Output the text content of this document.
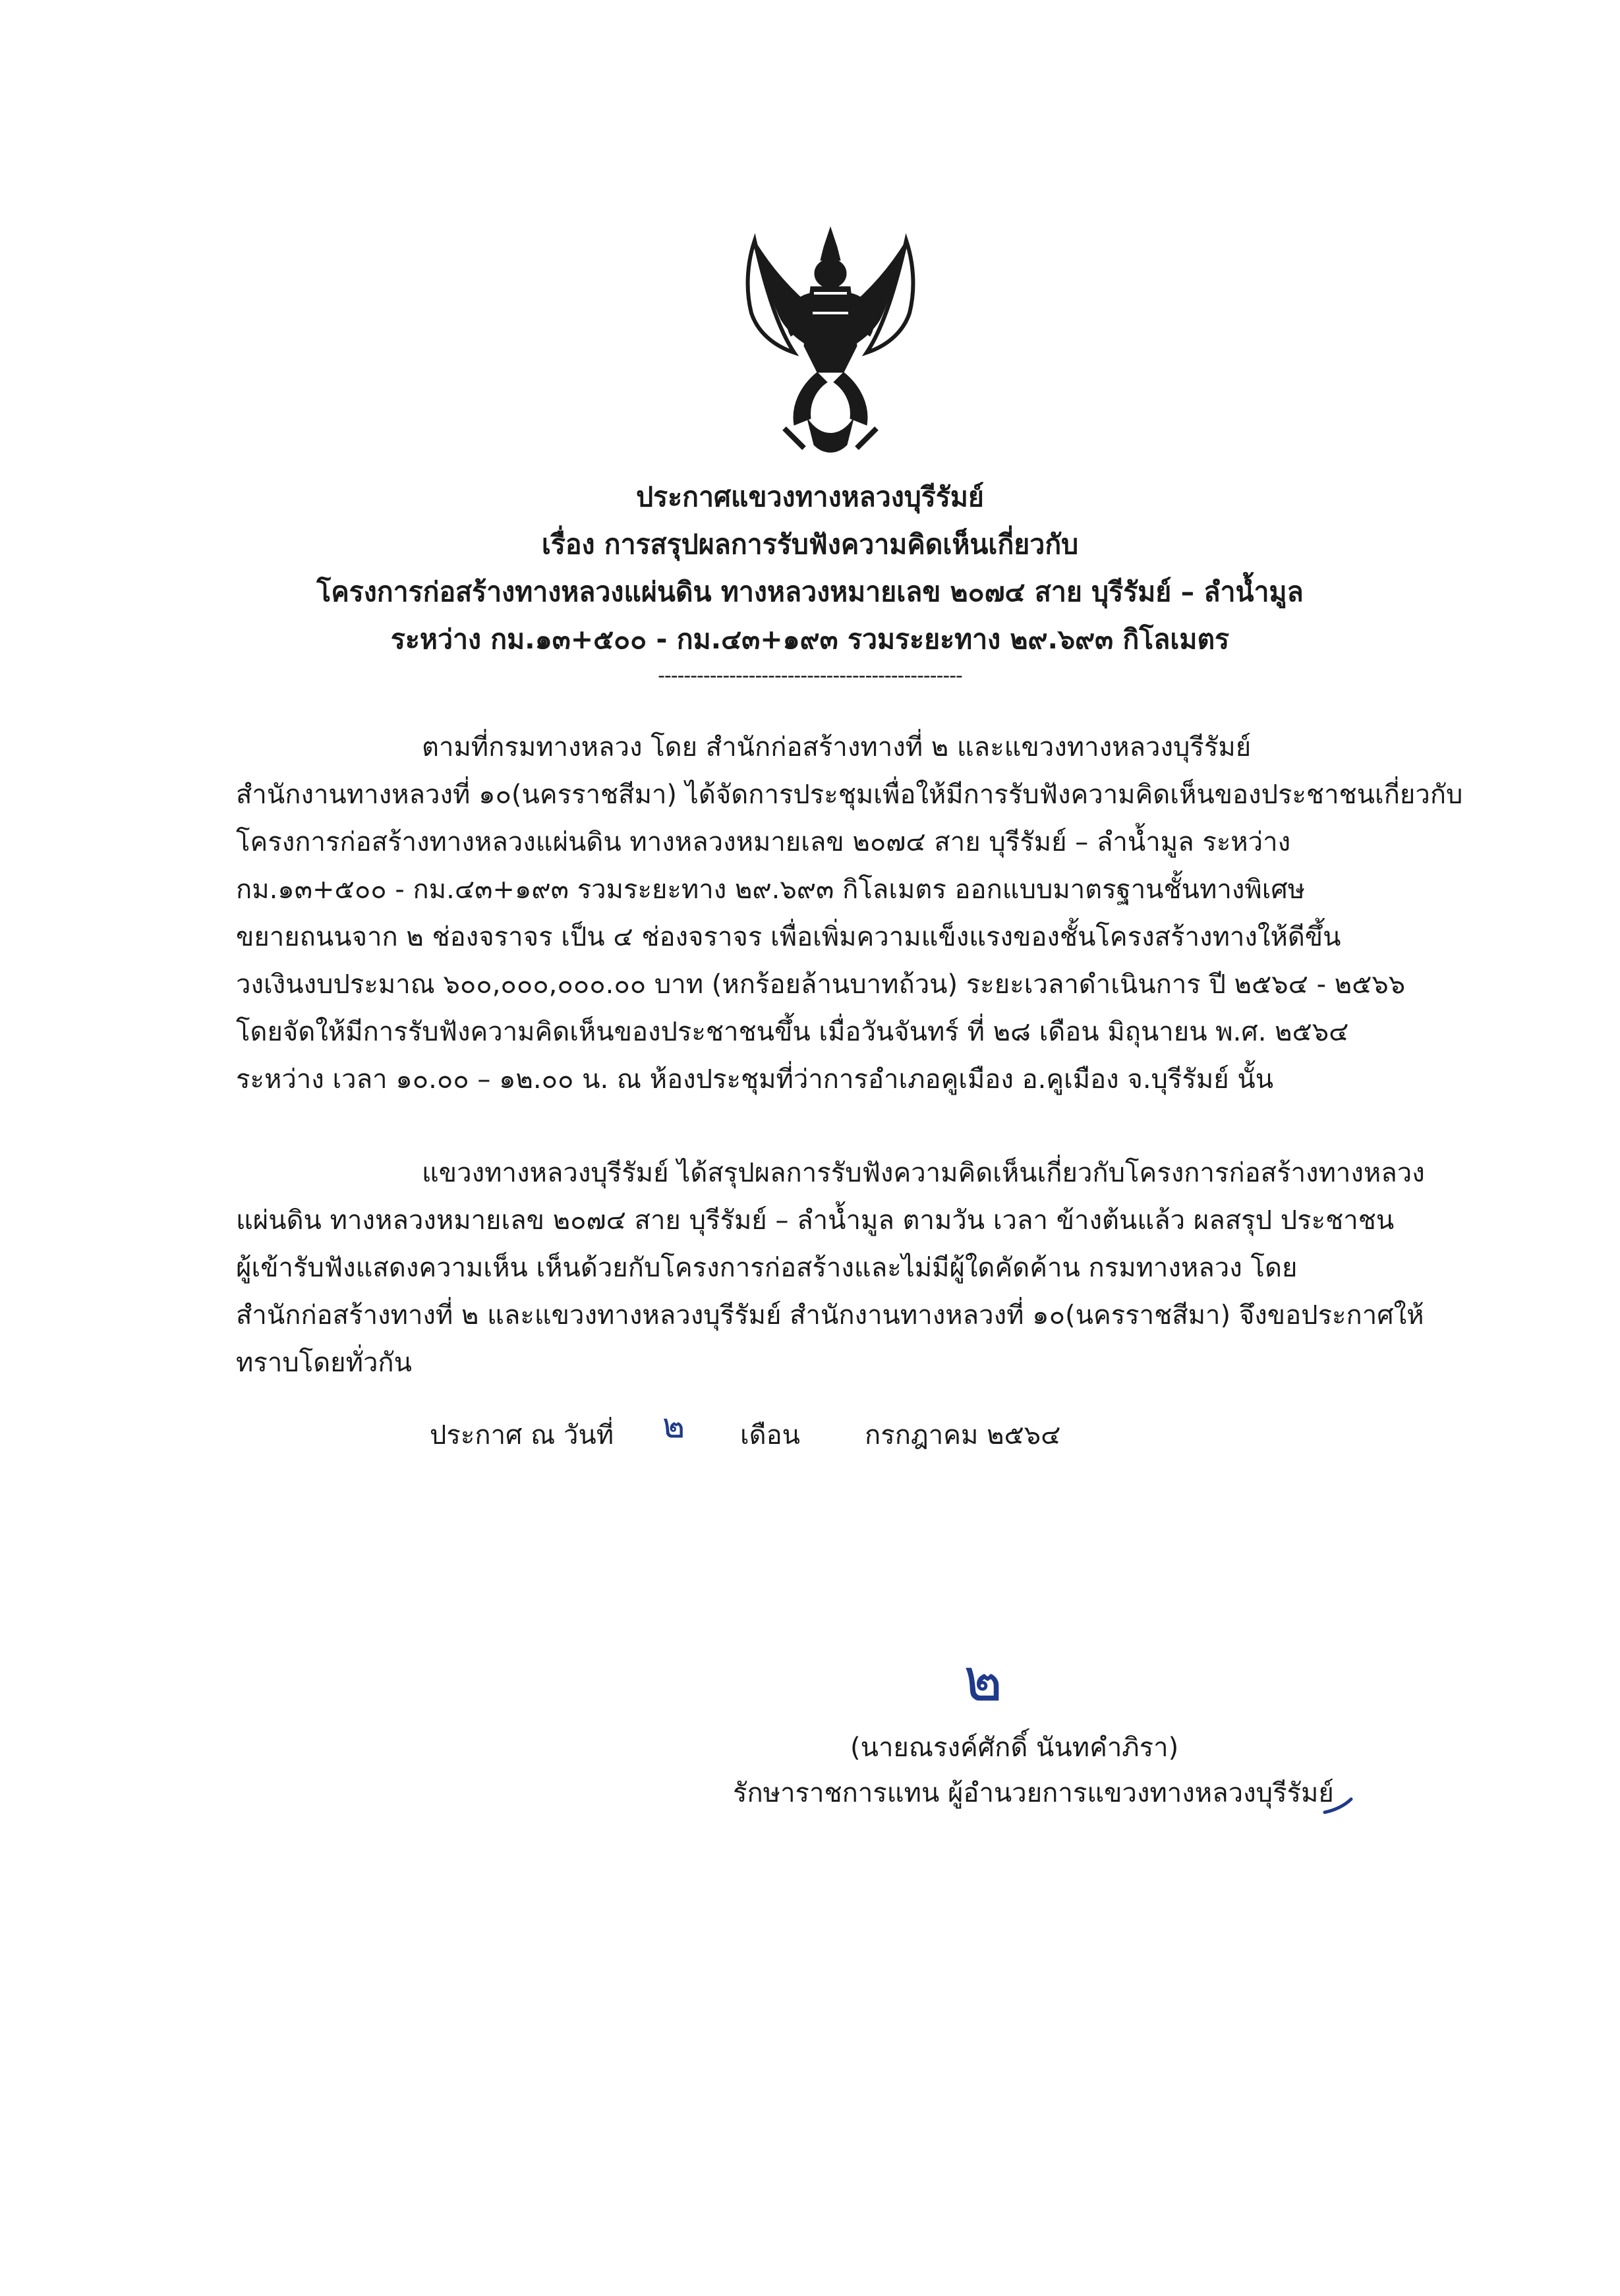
ประกาศแขวงทางหลวงบุรีรัมย์
เรื่อง การสรุปผลการรับฟังความคิดเห็นเกี่ยวกับ
โครงการก่อสร้างทางหลวงแผ่นดิน ทางหลวงหมายเลข ๒๐๗๔ สาย บุรีรัมย์ – ลำน้ำมูล
ระหว่าง กม.๑๓+๕๐๐ - กม.๔๓+๑๙๓ รวมระยะทาง ๒๙.๖๙๓ กิโลเมตร
-----------------------------------------------
ตามที่กรมทางหลวง โดย สำนักก่อสร้างทางที่ ๒ และแขวงทางหลวงบุรีรัมย์
สำนักงานทางหลวงที่ ๑๐(นครราชสีมา) ได้จัดการประชุมเพื่อให้มีการรับฟังความคิดเห็นของประชาชนเกี่ยวกับ
โครงการก่อสร้างทางหลวงแผ่นดิน ทางหลวงหมายเลข ๒๐๗๔ สาย บุรีรัมย์ – ลำน้ำมูล ระหว่าง
กม.๑๓+๕๐๐ - กม.๔๓+๑๙๓ รวมระยะทาง ๒๙.๖๙๓ กิโลเมตร ออกแบบมาตรฐานชั้นทางพิเศษ
ขยายถนนจาก ๒ ช่องจราจร เป็น ๔ ช่องจราจร เพื่อเพิ่มความแข็งแรงของชั้นโครงสร้างทางให้ดีขึ้น
วงเงินงบประมาณ ๖๐๐,๐๐๐,๐๐๐.๐๐ บาท (หกร้อยล้านบาทถ้วน) ระยะเวลาดำเนินการ ปี ๒๕๖๔ - ๒๕๖๖
โดยจัดให้มีการรับฟังความคิดเห็นของประชาชนขึ้น เมื่อวันจันทร์ ที่ ๒๘ เดือน มิถุนายน พ.ศ. ๒๕๖๔
ระหว่าง เวลา ๑๐.๐๐ – ๑๒.๐๐ น. ณ ห้องประชุมที่ว่าการอำเภอคูเมือง อ.คูเมือง จ.บุรีรัมย์ นั้น
แขวงทางหลวงบุรีรัมย์ ได้สรุปผลการรับฟังความคิดเห็นเกี่ยวกับโครงการก่อสร้างทางหลวง
แผ่นดิน ทางหลวงหมายเลข ๒๐๗๔ สาย บุรีรัมย์ – ลำน้ำมูล ตามวัน เวลา ข้างต้นแล้ว ผลสรุป ประชาชน
ผู้เข้ารับฟังแสดงความเห็น เห็นด้วยกับโครงการก่อสร้างและไม่มีผู้ใดคัดค้าน กรมทางหลวง โดย
สำนักก่อสร้างทางที่ ๒ และแขวงทางหลวงบุรีรัมย์ สำนักงานทางหลวงที่ ๑๐(นครราชสีมา) จึงขอประกาศให้
ทราบโดยทั่วกัน
ประกาศ ณ วันที่ ๒ เดือน กรกฎาคม ๒๕๖๔
๒
(นายณรงค์ศักดิ์ นันทคำภิรา)
รักษาราชการแทน ผู้อำนวยการแขวงทางหลวงบุรีรัมย์
